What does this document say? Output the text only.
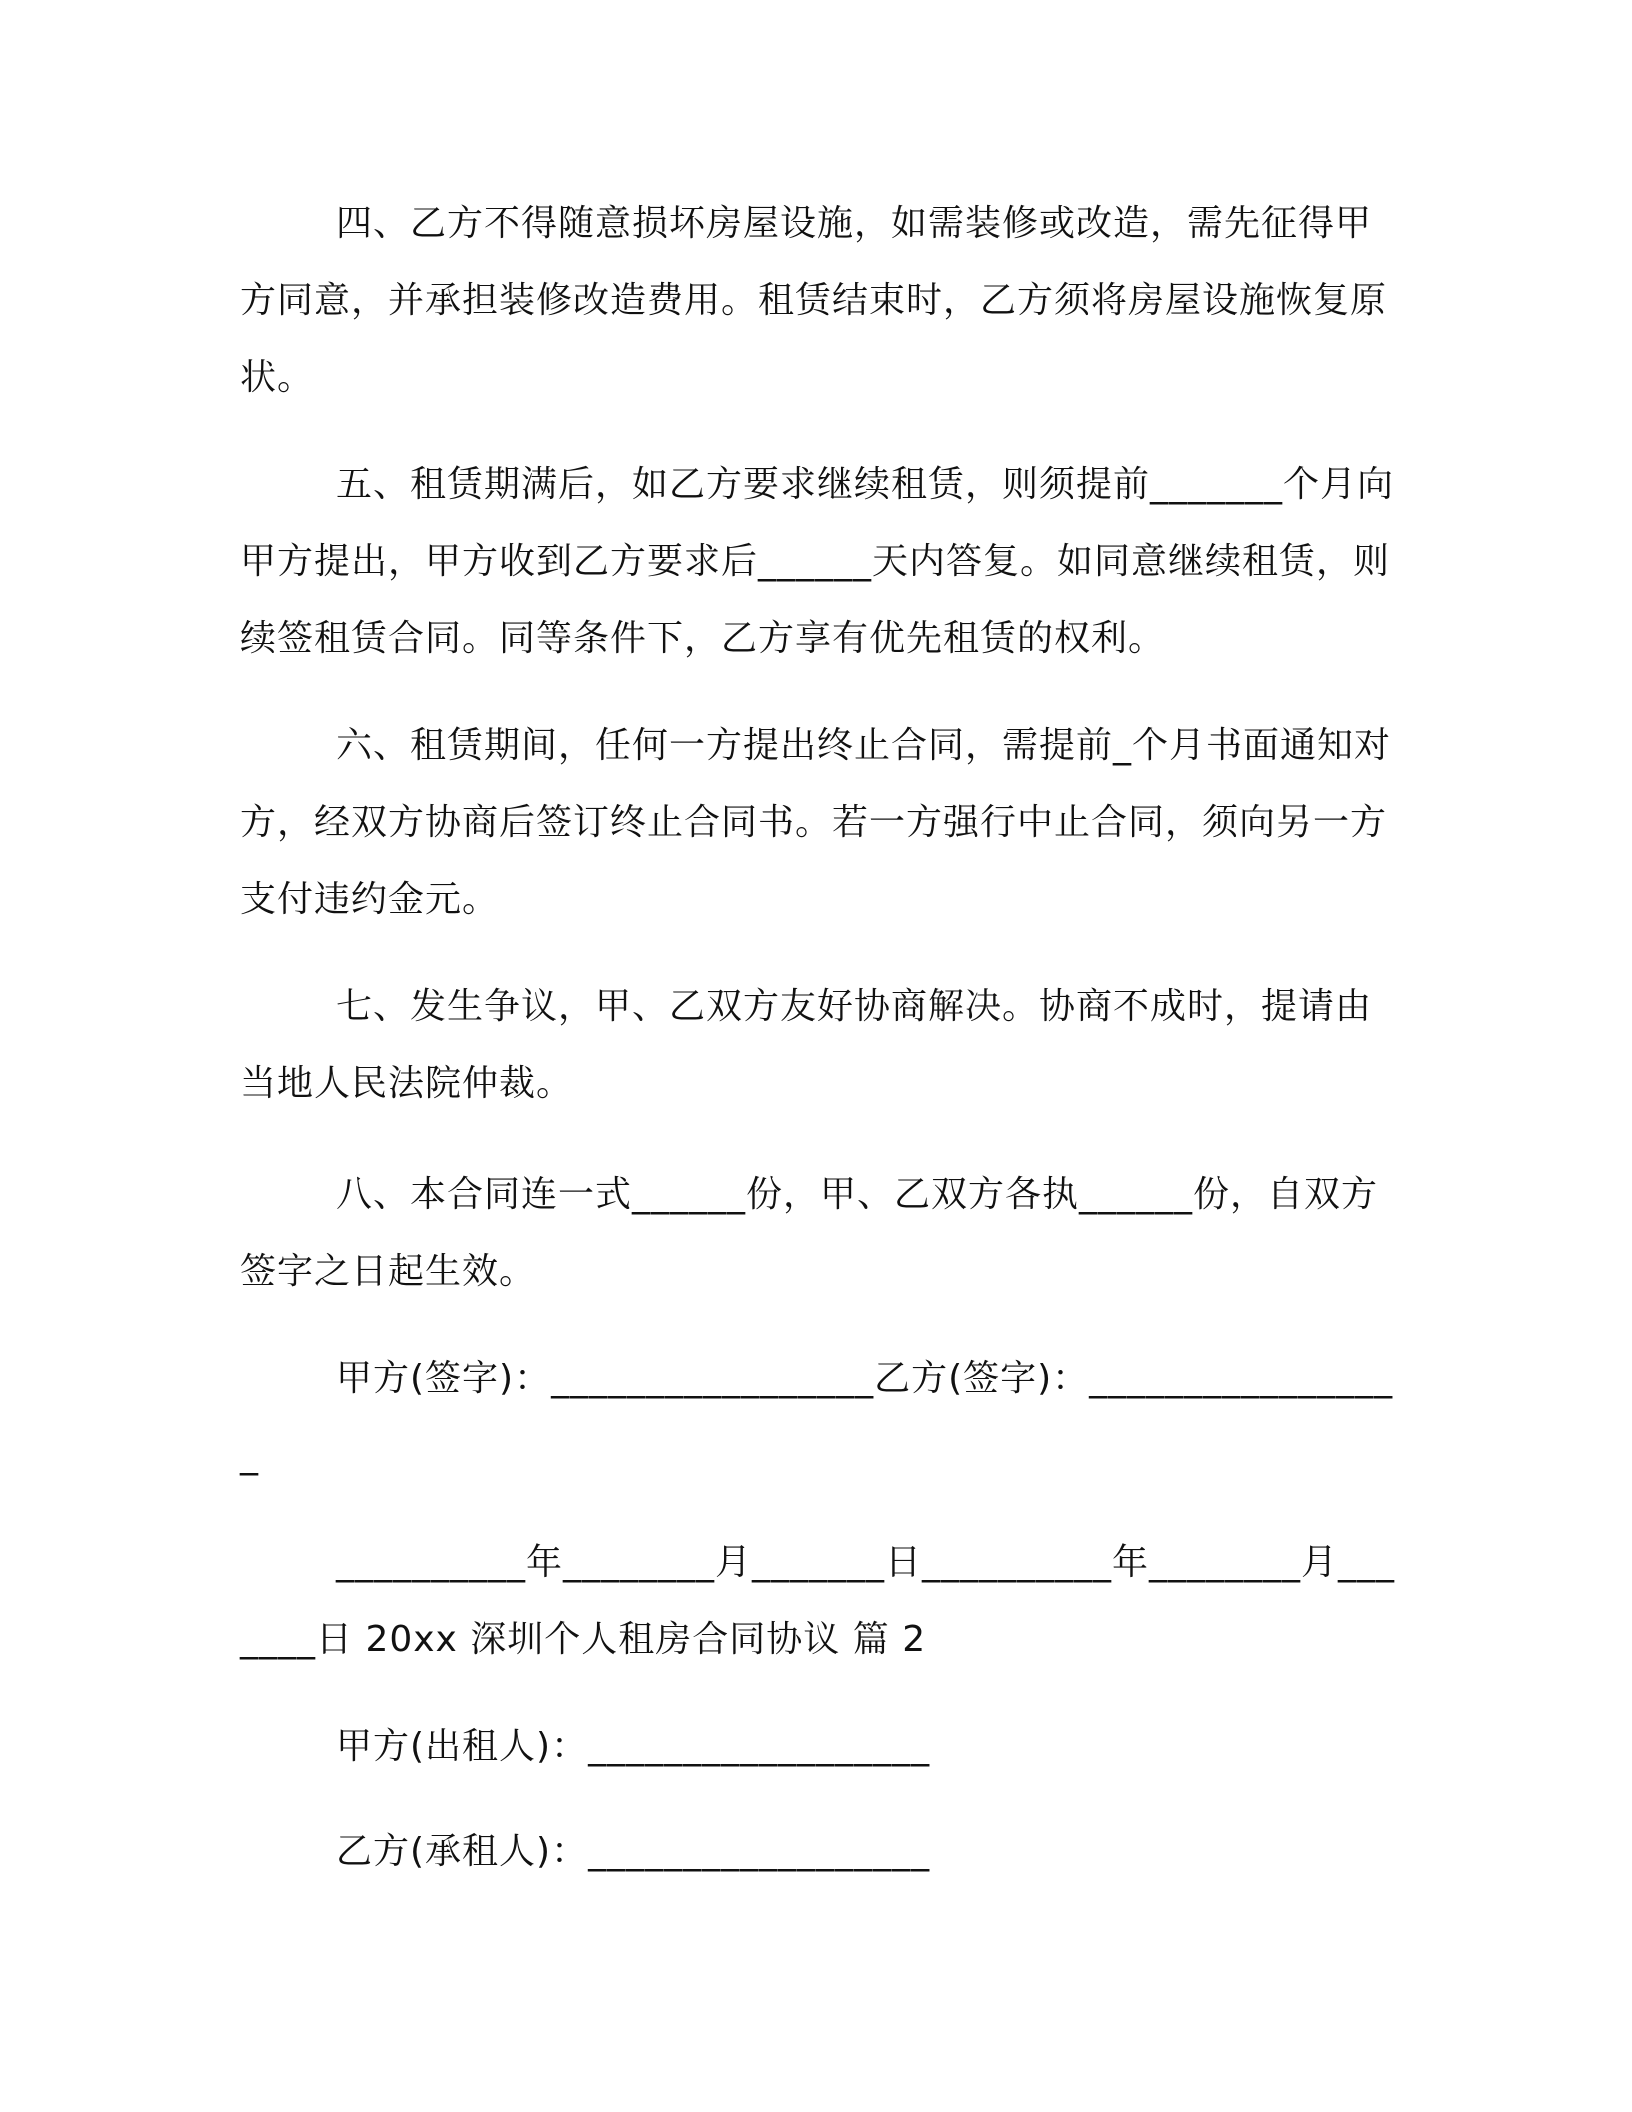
四、乙方不得随意损坏房屋设施，如需装修或改造，需先征得甲方同意，并承担装修改造费用。租赁结束时，乙方须将房屋设施恢复原状。

五、租赁期满后，如乙方要求继续租赁，则须提前_______个月向甲方提出，甲方收到乙方要求后______天内答复。如同意继续租赁，则续签租赁合同。同等条件下，乙方享有优先租赁的权利。

六、租赁期间，任何一方提出终止合同，需提前_个月书面通知对方，经双方协商后签订终止合同书。若一方强行中止合同，须向另一方支付违约金元。

七、发生争议，甲、乙双方友好协商解决。协商不成时，提请由当地人民法院仲裁。

八、本合同连一式______份，甲、乙双方各执______份，自双方签字之日起生效。

甲方(签字)：_________________乙方(签字)：_________________

__________年________月_______日__________年________月_______日 20xx 深圳个人租房合同协议 篇 2

甲方(出租人)：__________________

乙方(承租人)：__________________
